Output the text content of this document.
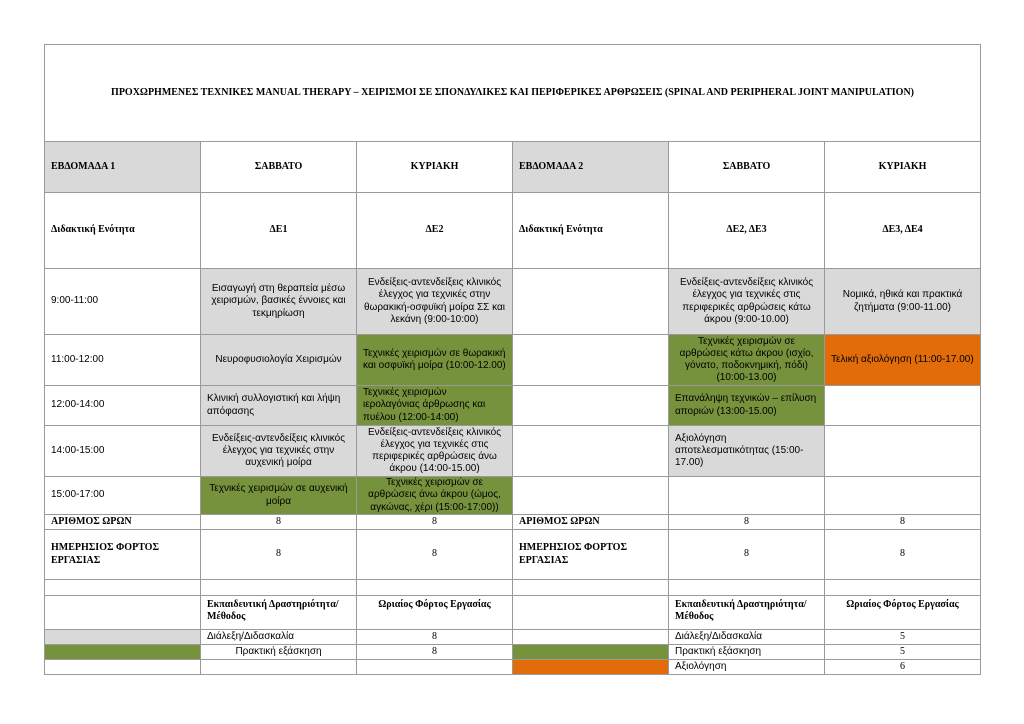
ΠΡΟΧΩΡΗΜΕΝΕΣ ΤΕΧΝΙΚΕΣ MANUAL THERAPY – ΧΕΙΡΙΣΜΟΙ ΣΕ ΣΠΟΝΔΥΛΙΚΕΣ ΚΑΙ ΠΕΡΙΦΕΡΙΚΕΣ ΑΡΘΡΩΣΕΙΣ (SPINAL AND PERIPHERAL JOINT MANIPULATION)					
ΕΒΔΟΜΑΔΑ 1	ΣΑΒΒΑΤΟ	ΚΥΡΙΑΚΗ	ΕΒΔΟΜΑΔΑ 2	ΣΑΒΒΑΤΟ	ΚΥΡΙΑΚΗ
Διδακτική Ενότητα	ΔΕ1	ΔΕ2	Διδακτική Ενότητα	ΔΕ2, ΔΕ3	ΔΕ3, ΔΕ4
9:00-11:00	Εισαγωγή στη θεραπεία μέσω χειρισμών, βασικές έννοιες και τεκμηρίωση	Ενδείξεις-αντενδείξεις κλινικός έλεγχος για τεχνικές στην θωρακική-οσφυϊκή μοίρα ΣΣ και λεκάνη (9:00-10:00)		Ενδείξεις-αντενδείξεις κλινικός έλεγχος για τεχνικές στις περιφερικές αρθρώσεις κάτω άκρου (9:00-10.00)	Νομικά, ηθικά και πρακτικά ζητήματα (9:00-11.00)
11:00-12:00	Νευροφυσιολογία Χειρισμών	Τεχνικές χειρισμών σε θωρακική και οσφυϊκή μοίρα (10:00-12.00)		Τεχνικές χειρισμών σε αρθρώσεις κάτω άκρου (ισχίο, γόνατο, ποδοκνημική, πόδι) (10:00-13.00)	Τελική αξιολόγηση (11:00-17.00)
12:00-14:00	Κλινική συλλογιστική και λήψη απόφασης	Τεχνικές χειρισμών ιερολαγόνιας άρθρωσης και πυέλου (12:00-14:00)		Επανάληψη τεχνικών – επίλυση αποριών (13:00-15.00)	
14:00-15:00	Ενδείξεις-αντενδείξεις κλινικός έλεγχος για τεχνικές στην αυχενική μοίρα	Ενδείξεις-αντενδείξεις κλινικός έλεγχος για τεχνικές στις περιφερικές αρθρώσεις άνω άκρου (14:00-15.00)		Αξιολόγηση αποτελεσματικότητας (15:00-17.00)	
15:00-17:00	Τεχνικές χειρισμών σε αυχενική μοίρα	Τεχνικές χειρισμών σε αρθρώσεις άνω άκρου (ώμος, αγκώνας, χέρι (15:00-17:00))			
ΑΡΙΘΜΟΣ ΩΡΩΝ	8	8	ΑΡΙΘΜΟΣ ΩΡΩΝ	8	8
ΗΜΕΡΗΣΙΟΣ ΦΟΡΤΟΣ ΕΡΓΑΣΙΑΣ	8	8	ΗΜΕΡΗΣΙΟΣ ΦΟΡΤΟΣ ΕΡΓΑΣΙΑΣ	8	8

	Εκπαιδευτική Δραστηριότητα/Μέθοδος	Ωριαίος Φόρτος Εργασίας		Εκπαιδευτική Δραστηριότητα/Μέθοδος	Ωριαίος Φόρτος Εργασίας
	Διάλεξη/Διδασκαλία	8		Διάλεξη/Διδασκαλία	5
	Πρακτική εξάσκηση	8		Πρακτική εξάσκηση	5
				Αξιολόγηση	6
